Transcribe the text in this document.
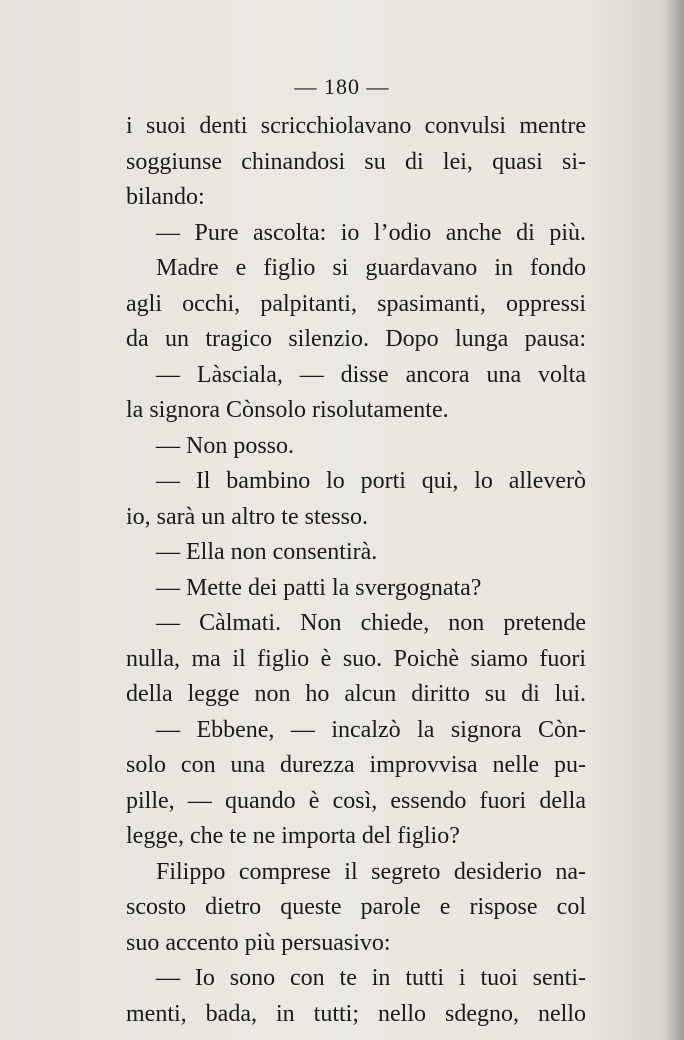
— 180 —
i suoi denti scricchiolavano convulsi mentre
soggiunse chinandosi su di lei, quasi si-
bilando:
— Pure ascolta: io l’odio anche di più.
Madre e figlio si guardavano in fondo
agli occhi, palpitanti, spasimanti, oppressi
da un tragico silenzio. Dopo lunga pausa:
— Làsciala, — disse ancora una volta
la signora Cònsolo risolutamente.
— Non posso.
— Il bambino lo porti qui, lo alleverò
io, sarà un altro te stesso.
— Ella non consentirà.
— Mette dei patti la svergognata?
— Càlmati. Non chiede, non pretende
nulla, ma il figlio è suo. Poichè siamo fuori
della legge non ho alcun diritto su di lui.
— Ebbene, — incalzò la signora Còn-
solo con una durezza improvvisa nelle pu-
pille, — quando è così, essendo fuori della
legge, che te ne importa del figlio?
Filippo comprese il segreto desiderio na-
scosto dietro queste parole e rispose col
suo accento più persuasivo:
— Io sono con te in tutti i tuoi senti-
menti, bada, in tutti; nello sdegno, nello
